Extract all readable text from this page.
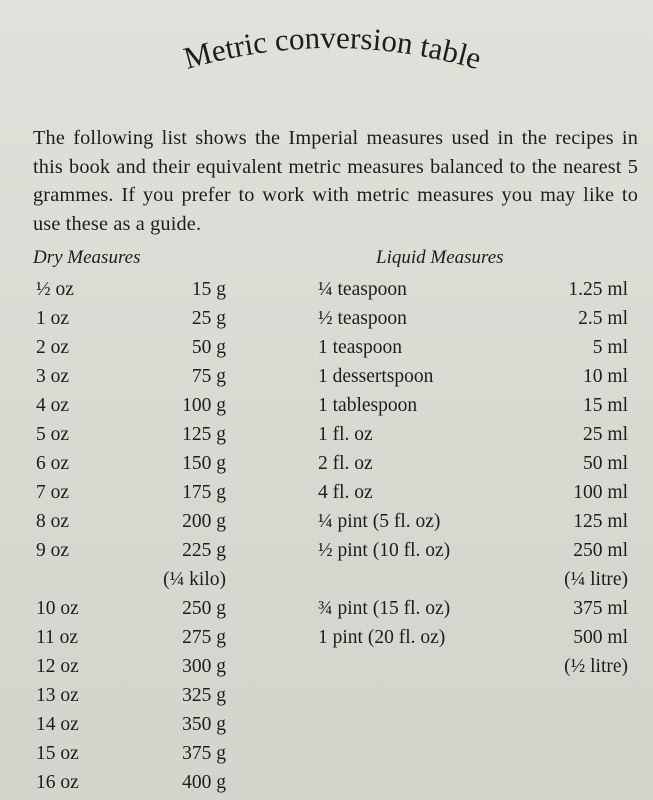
Metric conversion table
The following list shows the Imperial measures used in the recipes in this book and their equivalent metric measures balanced to the nearest 5 grammes. If you prefer to work with metric measures you may like to use these as a guide.
Dry Measures	Liquid Measures
½ oz	15 g
1 oz	25 g
2 oz	50 g
3 oz	75 g
4 oz	100 g
5 oz	125 g
6 oz	150 g
7 oz	175 g
8 oz	200 g
9 oz	225 g
(¼ kilo)
10 oz	250 g
11 oz	275 g
12 oz	300 g
13 oz	325 g
14 oz	350 g
15 oz	375 g
16 oz	400 g
¼ teaspoon	1.25 ml
½ teaspoon	2.5 ml
1 teaspoon	5 ml
1 dessertspoon	10 ml
1 tablespoon	15 ml
1 fl. oz	25 ml
2 fl. oz	50 ml
4 fl. oz	100 ml
¼ pint (5 fl. oz)	125 ml
½ pint (10 fl. oz)	250 ml
(¼ litre)
¾ pint (15 fl. oz)	375 ml
1 pint (20 fl. oz)	500 ml
(½ litre)
